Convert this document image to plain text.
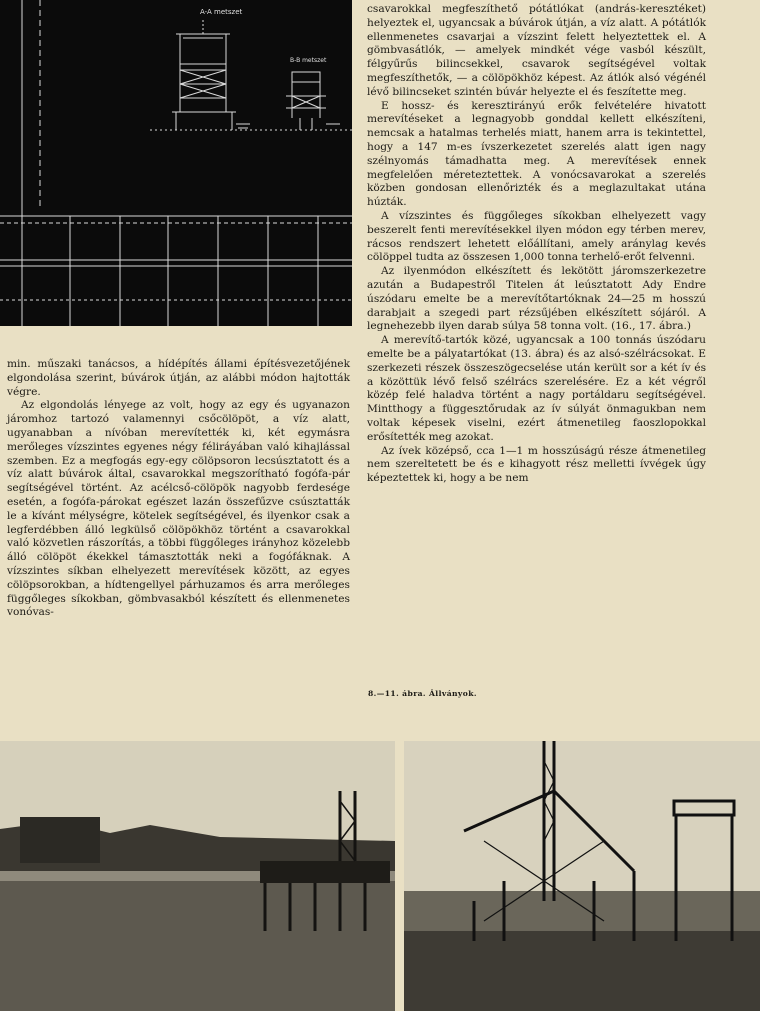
A-A metszet
B-B metszet

csavarokkal megfeszíthető pótátlókat (andrás-keresztéket) helyeztek el, ugyancsak a búvárok útján, a víz alatt. A pótátlók ellenmenetes csavarjai a vízszint felett helyeztettek el. A gömbvasátlók, — amelyek mindkét vége vasból készült, félgyűrűs bilincsekkel, csavarok segítségével voltak megfeszíthetők, — a cölöpökhöz képest. Az átlók alsó végénél lévő bilincseket szintén búvár helyezte el és feszítette meg.

E hossz- és keresztirányú erők felvételére hivatott merevítéseket a legnagyobb gonddal kellett elkészíteni, nemcsak a hatalmas terhelés miatt, hanem arra is tekintettel, hogy a 147 m-es ívszerkezetet szerelés alatt igen nagy szélnyomás támadhatta meg. A merevítések ennek megfelelően méreteztettek. A vonócsavarokat a szerelés közben gondosan ellenőrizték és a meglazultakat utána húzták.

A vízszintes és függőleges síkokban elhelyezett vagy beszerelt fenti merevítésekkel ilyen módon egy térben merev, rácsos rendszert lehetett előállítani, amely aránylag kevés cölöppel tudta az összesen 1,000 tonna terhelő-erőt felvenni.

Az ilyenmódon elkészített és lekötött járomszerkezetre azután a Budapestről Titelen át leúsztatott Ady Endre úszódaru emelte be a merevítőtartóknak 24—25 m hosszú darabjait a szegedi part rézsűjében elkészített sójáról. A legnehezebb ilyen darab súlya 58 tonna volt. (16., 17. ábra.)

A merevítő-tartók közé, ugyancsak a 100 tonnás úszódaru emelte be a pályatartókat (13. ábra) és az alsó-szélrácsokat. E szerkezeti részek összeszögecselése után került sor a két ív és a közöttük lévő felső szélrács szerelésére. Ez a két végről közép felé haladva történt a nagy portáldaru segítségével. Mintthogy a függesztőrudak az ív súlyát önmagukban nem voltak képesek viselni, ezért átmenetileg faoszlopokkal erősítették meg azokat.

Az ívek középső, cca 1—1 m hosszúságú része átmenetileg nem szereltetett be és e kihagyott rész melletti ívvégek úgy képeztettek ki, hogy a be nem

min. műszaki tanácsos, a hídépítés állami építésvezetőjének elgondolása szerint, búvárok útján, az alábbi módon hajtották végre.

Az elgondolás lényege az volt, hogy az egy és ugyanazon járomhoz tartozó valamennyi csőcölöpöt, a víz alatt, ugyanabban a nívóban merevítették ki, két egymásra merőleges vízszintes egyenes négy féliráyában való kihajlással szemben. Ez a megfogás egy-egy cölöpsoron lecsúsztatott és a víz alatt búvárok által, csavarokkal megszorítható fogófa-pár segítségével történt. Az acélcső-cölöpök nagyobb ferdesége esetén, a fogófa-párokat egészet lazán összefűzve csúsztatták le a kívánt mélységre, kötelek segítségével, és ilyenkor csak a legferdébben álló legkülső cölöpökhöz történt a csavarokkal való közvetlen rászorítás, a többi függőleges irányhoz közelebb álló cölöpöt ékekkel támasztották neki a fogófáknak. A vízszintes síkban elhelyezett merevítések között, az egyes cölöpsorokban, a hídtengellyel párhuzamos és arra merőleges függőleges síkokban, gömbvasakból készített és ellenmenetes vonóvas-

8.—11. ábra. Állványok.
